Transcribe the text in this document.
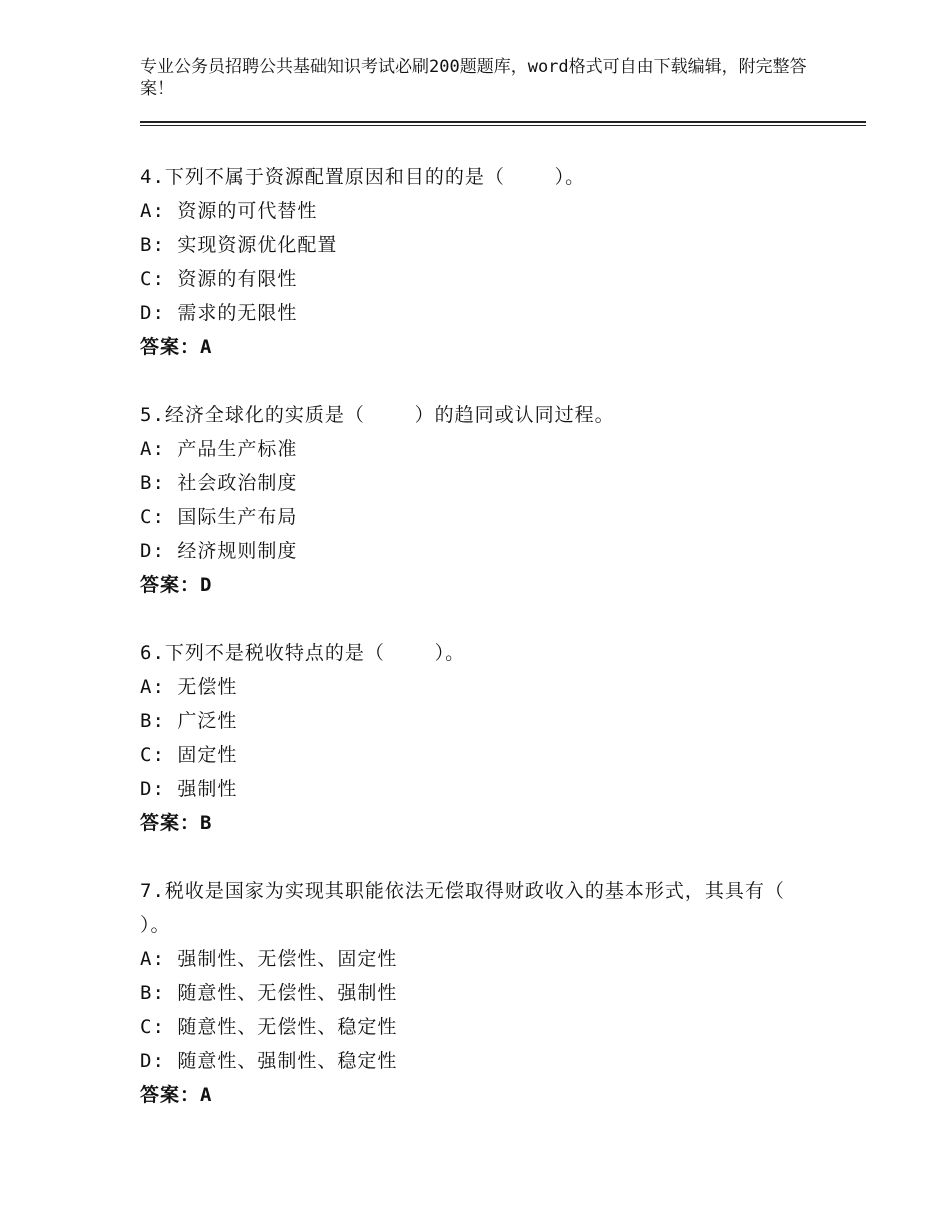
专业公务员招聘公共基础知识考试必刷200题题库，word格式可自由下载编辑，附完整答案！
4.下列不属于资源配置原因和目的的是（    ）。
A: 资源的可代替性
B: 实现资源优化配置
C: 资源的有限性
D: 需求的无限性
答案：A
5.经济全球化的实质是（    ）的趋同或认同过程。
A: 产品生产标准
B: 社会政治制度
C: 国际生产布局
D: 经济规则制度
答案：D
6.下列不是税收特点的是（    ）。
A: 无偿性
B: 广泛性
C: 固定性
D: 强制性
答案：B
7.税收是国家为实现其职能依法无偿取得财政收入的基本形式，其具有（    ）。
A: 强制性、无偿性、固定性
B: 随意性、无偿性、强制性
C: 随意性、无偿性、稳定性
D: 随意性、强制性、稳定性
答案：A
